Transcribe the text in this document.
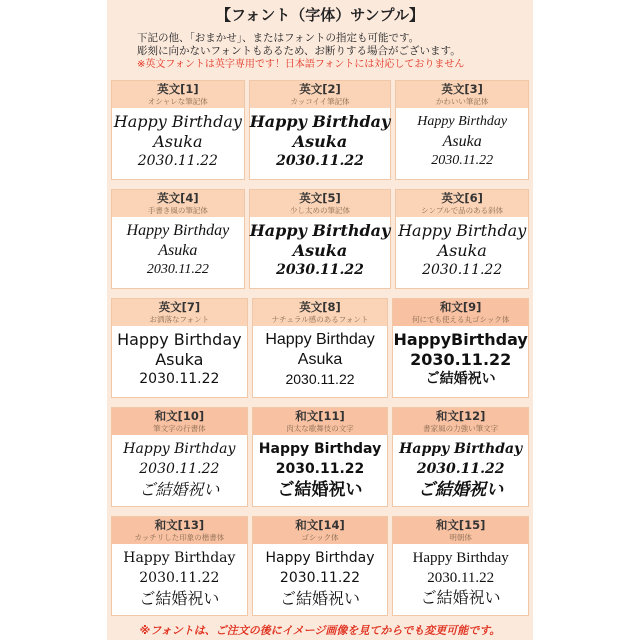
【フォント（字体）サンプル】
下記の他、「おまかせ」、またはフォントの指定も可能です。
彫刻に向かないフォントもあるため、お断りする場合がございます。
※英文フォントは英字専用です！日本語フォントには対応しておりません
英文[1]
オシャレな筆記体
Happy Birthday
Asuka
2030.11.22
英文[2]
カッコイイ筆記体
Happy Birthday
Asuka
2030.11.22
英文[3]
かわいい筆記体
Happy Birthday
Asuka
2030.11.22
英文[4]
手書き風の筆記体
Happy Birthday
Asuka
2030.11.22
英文[5]
少し太めの筆記体
Happy Birthday
Asuka
2030.11.22
英文[6]
シンプルで品のある斜体
Happy Birthday
Asuka
2030.11.22
英文[7]
お洒落なフォント
Happy Birthday
Asuka
2030.11.22
英文[8]
ナチュラル感のあるフォント
Happy Birthday
Asuka
2030.11.22
和文[9]
何にでも使える丸ゴシック体
HappyBirthday
2030.11.22
ご結婚祝い
和文[10]
筆文字の行書体
Happy Birthday
2030.11.22
ご結婚祝い
和文[11]
肉太な歌舞伎の文字
Happy Birthday
2030.11.22
ご結婚祝い
和文[12]
書家風の力強い筆文字
Happy Birthday
2030.11.22
ご結婚祝い
和文[13]
カッチリした印象の楷書体
Happy Birthday
2030.11.22
ご結婚祝い
和文[14]
ゴシック体
Happy Birthday
2030.11.22
ご結婚祝い
和文[15]
明朝体
Happy Birthday
2030.11.22
ご結婚祝い
※フォントは、ご注文の後にイメージ画像を見てからでも変更可能です。
